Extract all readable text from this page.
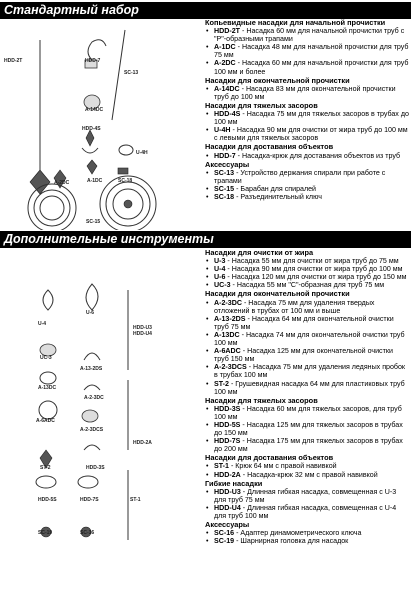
Стандартный набор
HDD-2T	HDD-7
SC-13
A-14DC
HDD-4S
U-4H
A-2DC	A-1DC	SC-18
SC-15
Копьевидные насадки для начальной прочистки
• HDD-2T - Насадка 60 мм для начальной прочистки труб с "Р"-образными трапами
• A-1DC - Насадка 48 мм для начальной прочистки для труб 75 мм
• A-2DC - Насадка 60 мм для начальной прочистки для труб 100 мм и более
Насадки для окончательной прочистки
• A-14DC - Насадка 83 мм для окончательной прочистки труб до 100 мм
Насадки для тяжелых засоров
• HDD-4S - Насадка 75 мм для тяжелых засоров в трубах до 100 мм
• U-4H - Насадка 90 мм для очистки от жира труб до 100 мм с левыми для тяжелых засоров
Насадки для доставания объектов
• HDD-7 - Насадка-крюк для доставания объектов из труб
Аксессуары
• SC-13 - Устройство держания спирали при работе с трапами
• SC-15 - Барабан для спиралей
• SC-18 - Разъединительный ключ
Дополнительные инструменты
U-4
U-6
HDD-U3
HDD-U4
UC-3
A-13-2DS
A-13DC
A-2-3DC
A-6ADC
HDD-2A
A-2-3DCS
ST-2	HDD-3S
HDD-5S	HDD-7S	ST-1
SC-19	SC-16
Насадки для очистки от жира
• U-3 - Насадка 55 мм для очистки от жира труб до 75 мм
• U-4 - Насадка 90 мм для очистки от жира труб до 100 мм
• U-6 - Насадка 120 мм для очистки от жира труб до 150 мм
• UC-3 - Насадка 55 мм "С"-образная для труб 75 мм
Насадки для окончательной прочистки
• A-2-3DC - Насадка 75 мм для удаления твердых отложений в трубах от 100 мм и выше
• A-13-2DS - Насадка 64 мм для окончательной очистки труб 75 мм
• A-13DC - Насадка 74 мм для окончательной очистки труб 100 мм
• A-6ADC - Насадка 125 мм для окончательной очистки труб 150 мм
• A-2-3DCS - Насадка 75 мм для удаления ледяных пробок в трубах 100 мм
• ST-2 - Грушевидная насадка 64 мм для пластиковых труб 100 мм
Насадки для тяжелых засоров
• HDD-3S - Насадка 60 мм для тяжелых засоров, для труб 100 мм
• HDD-5S - Насадка 125 мм для тяжелых засоров в трубах до 150 мм
• HDD-7S - Насадка 175 мм для тяжелых засоров в трубах до 200 мм
Насадки для доставания объектов
• ST-1 - Крюк 64 мм с правой навивкой
• HDD-2A - Насадка-крюк 32 мм с правой навивкой
Гибкие насадки
• HDD-U3 - Длинная гибкая насадка, совмещенная с U-3 для труб 75 мм
• HDD-U4 - Длинная гибкая насадка, совмещенная с U-4 для труб 100 мм
Аксессуары
• SC-16 - Адаптер динамометрического ключа
• SC-19 - Шарнирная головка для насадок
